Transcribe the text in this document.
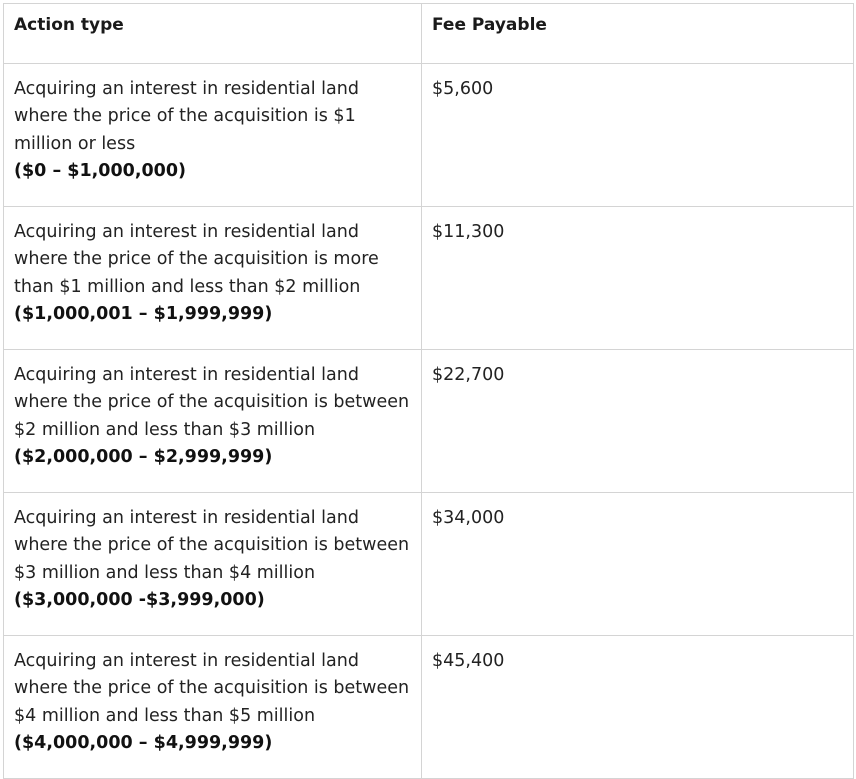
Action type	Fee Payable
Acquiring an interest in residential land where the price of the acquisition is $1 million or less
($0 – $1,000,000)	$5,600
Acquiring an interest in residential land where the price of the acquisition is more than $1 million and less than $2 million
($1,000,001 – $1,999,999)	$11,300
Acquiring an interest in residential land where the price of the acquisition is between $2 million and less than $3 million
($2,000,000 – $2,999,999)	$22,700
Acquiring an interest in residential land where the price of the acquisition is between $3 million and less than $4 million
($3,000,000 -$3,999,000)	$34,000
Acquiring an interest in residential land where the price of the acquisition is between $4 million and less than $5 million
($4,000,000 – $4,999,999)	$45,400
